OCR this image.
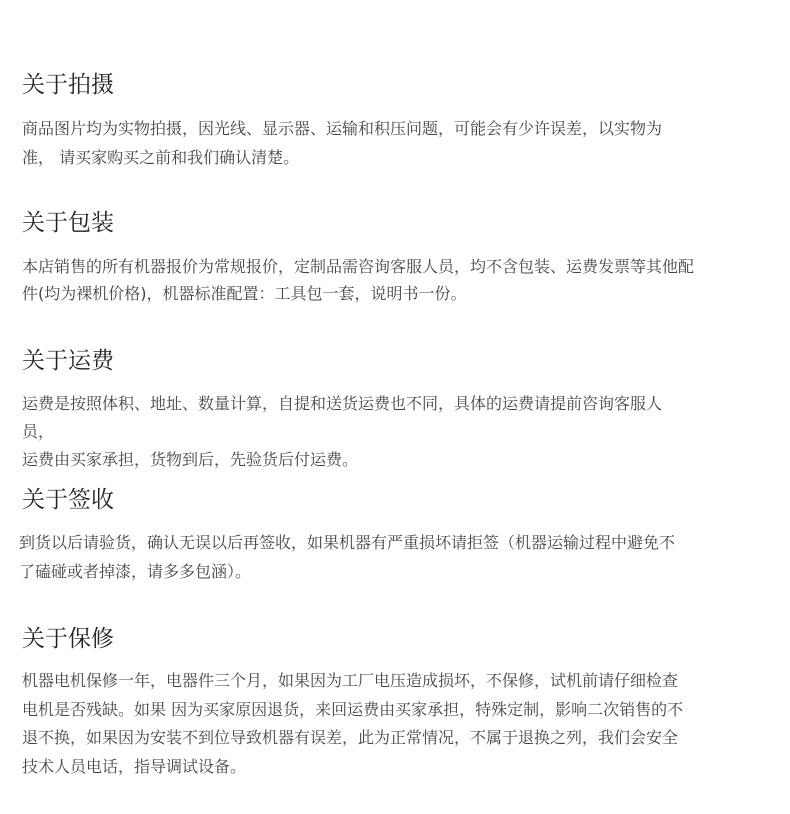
关于拍摄

商品图片均为实物拍摄，因光线、显示器、运输和积压问题，可能会有少许误差，以实物为

准， 请买家购买之前和我们确认清楚。

关于包装

本店销售的所有机器报价为常规报价，定制品需咨询客服人员，均不含包装、运费发票等其他配

件(均为裸机价格)，机器标准配置：工具包一套，说明书一份。

关于运费

运费是按照体积、地址、数量计算，自提和送货运费也不同，具体的运费请提前咨询客服人

员，

运费由买家承担，货物到后，先验货后付运费。

关于签收

到货以后请验货，确认无误以后再签收，如果机器有严重损坏请拒签（机器运输过程中避免不

了磕碰或者掉漆，请多多包涵）。

关于保修

机器电机保修一年，电器件三个月，如果因为工厂电压造成损坏，不保修，试机前请仔细检查

电机是否残缺。如果 因为买家原因退货，来回运费由买家承担，特殊定制，影响二次销售的不

退不换，如果因为安装不到位导致机器有误差，此为正常情况，不属于退换之列，我们会安全

技术人员电话，指导调试设备。
